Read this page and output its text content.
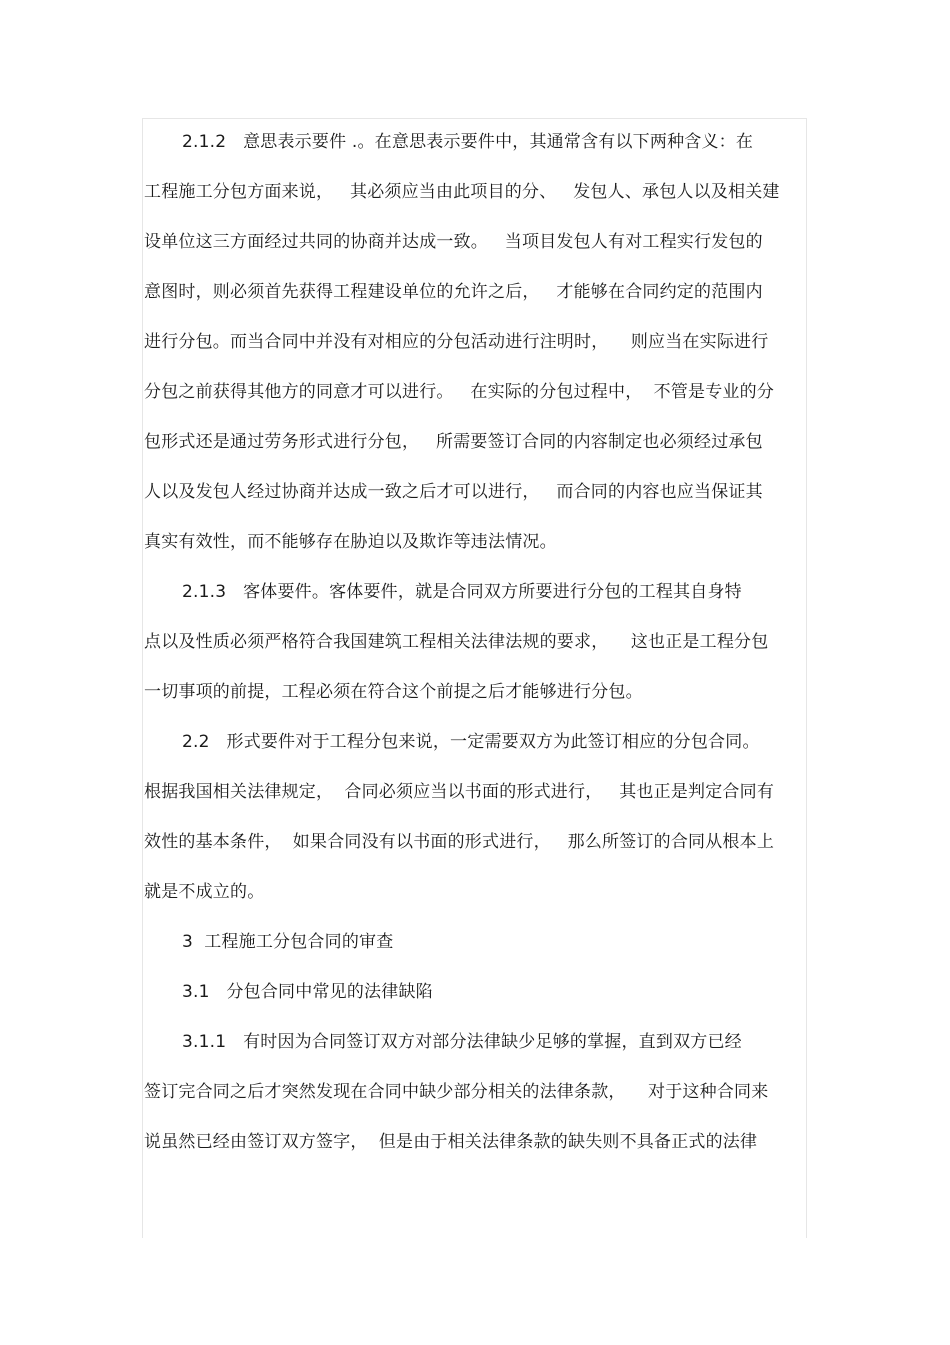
2.1.2   意思表示要件 .。在意思表示要件中，其通常含有以下两种含义：在
工程施工分包方面来说，   其必须应当由此项目的分、   发包人、承包人以及相关建
设单位这三方面经过共同的协商并达成一致。   当项目发包人有对工程实行发包的
意图时，则必须首先获得工程建设单位的允许之后，   才能够在合同约定的范围内
进行分包。而当合同中并没有对相应的分包活动进行注明时，    则应当在实际进行
分包之前获得其他方的同意才可以进行。   在实际的分包过程中，  不管是专业的分
包形式还是通过劳务形式进行分包，   所需要签订合同的内容制定也必须经过承包
人以及发包人经过协商并达成一致之后才可以进行，   而合同的内容也应当保证其
真实有效性，而不能够存在胁迫以及欺诈等违法情况。
2.1.3   客体要件。客体要件，就是合同双方所要进行分包的工程其自身特
点以及性质必须严格符合我国建筑工程相关法律法规的要求，    这也正是工程分包
一切事项的前提，工程必须在符合这个前提之后才能够进行分包。
2.2   形式要件对于工程分包来说，一定需要双方为此签订相应的分包合同。
根据我国相关法律规定，  合同必须应当以书面的形式进行，   其也正是判定合同有
效性的基本条件，  如果合同没有以书面的形式进行，   那么所签订的合同从根本上
就是不成立的。
3  工程施工分包合同的审查
3.1   分包合同中常见的法律缺陷
3.1.1   有时因为合同签订双方对部分法律缺少足够的掌握，直到双方已经
签订完合同之后才突然发现在合同中缺少部分相关的法律条款，    对于这种合同来
说虽然已经由签订双方签字，  但是由于相关法律条款的缺失则不具备正式的法律
